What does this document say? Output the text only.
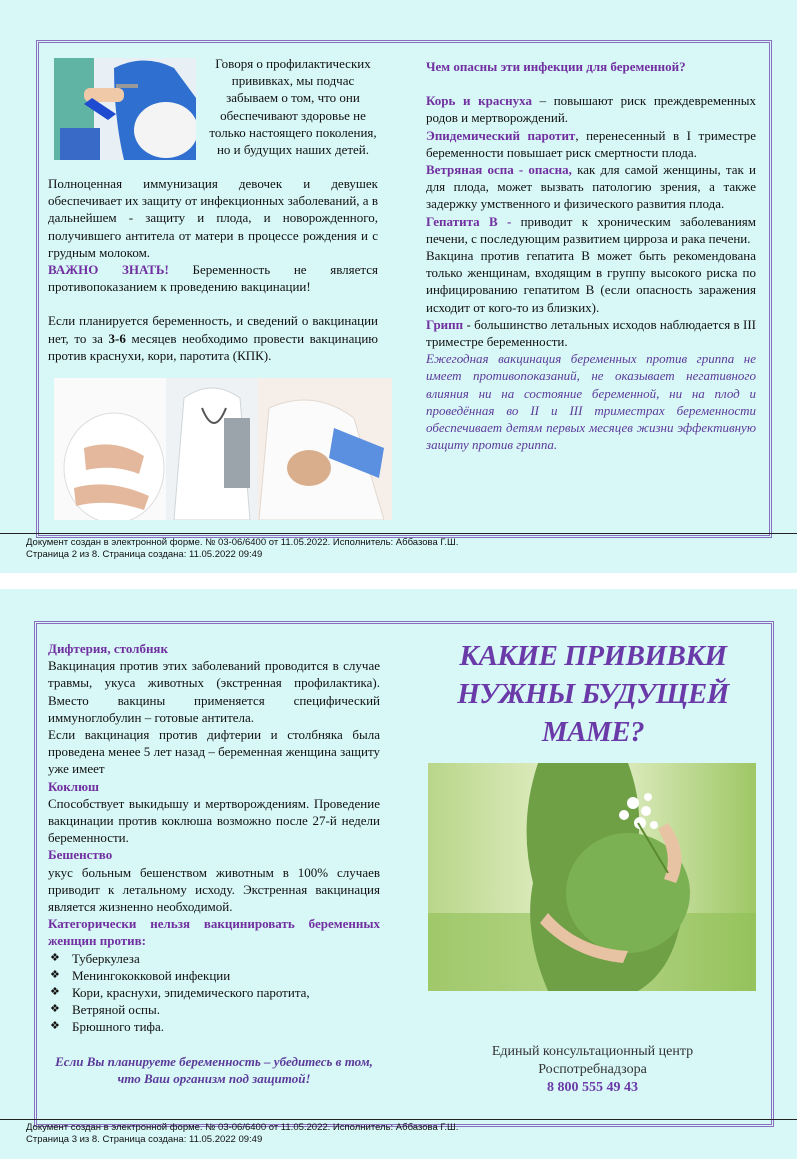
Говоря о профилактических прививках, мы подчас забываем о том, что они обеспечивают здоровье не только настоящего поколения, но и будущих наших детей.

Полноценная иммунизация девочек и девушек обеспечивает их защиту от инфекционных заболеваний, а в дальнейшем - защиту и плода, и новорожденного, получившего антитела от матери в процессе рождения и с грудным молоком.

ВАЖНО ЗНАТЬ! Беременность не является противопоказанием к проведению вакцинации!

Если планируется беременность, и сведений о вакцинации нет, то за 3-6 месяцев необходимо провести вакцинацию против краснухи, кори, паротита (КПК).

Чем опасны эти инфекции для беременной?

Корь и краснуха – повышают риск преждевременных родов и мертворождений.

Эпидемический паротит, перенесенный в I триместре беременности повышает риск смертности плода.

Ветряная оспа - опасна, как для самой женщины, так и для плода, может вызвать патологию зрения, а также задержку умственного и физического развития плода.

Гепатита В - приводит к хроническим заболеваниям печени, с последующим развитием цирроза и рака печени.

Вакцина против гепатита В может быть рекомендована только женщинам, входящим в группу высокого риска по инфицированию гепатитом В (если опасность заражения исходит от кого-то из близких).

Грипп - большинство летальных исходов наблюдается в III триместре беременности.

Ежегодная вакцинация беременных против гриппа не имеет противопоказаний, не оказывает негативного влияния ни на состояние беременной, ни на плод и проведённая во II и III триместрах беременности обеспечивает детям первых месяцев жизни эффективную защиту против гриппа.

Документ создан в электронной форме. № 03-06/6400 от 11.05.2022. Исполнитель: Аббазова Г.Ш.
Страница 2 из 8. Страница создана: 11.05.2022 09:49

Дифтерия, столбняк

Вакцинация против этих заболеваний проводится в случае травмы, укуса животных (экстренная профилактика). Вместо вакцины применяется специфический иммуноглобулин – готовые антитела.

Если вакцинация против дифтерии и столбняка была проведена менее 5 лет назад – беременная женщина защиту уже имеет

Коклюш

Способствует выкидышу и мертворождениям. Проведение вакцинации против коклюша возможно после 27-й недели беременности.

Бешенство

укус больным бешенством животным в 100% случаев приводит к летальному исходу. Экстренная вакцинация является жизненно необходимой.

Категорически нельзя вакцинировать беременных женщин против:

❖ Туберкулеза
❖ Менингококковой инфекции
❖ Кори, краснухи, эпидемического паротита,
❖ Ветряной оспы.
❖ Брюшного тифа.

Если Вы планируете беременность – убедитесь в том, что Ваш организм под защитой!

КАКИЕ ПРИВИВКИ НУЖНЫ БУДУЩЕЙ МАМЕ?
Единый консультационный центр
Роспотребнадзора
8 800 555 49 43
Документ создан в электронной форме. № 03-06/6400 от 11.05.2022. Исполнитель: Аббазова Г.Ш.
Страница 3 из 8. Страница создана: 11.05.2022 09:49
